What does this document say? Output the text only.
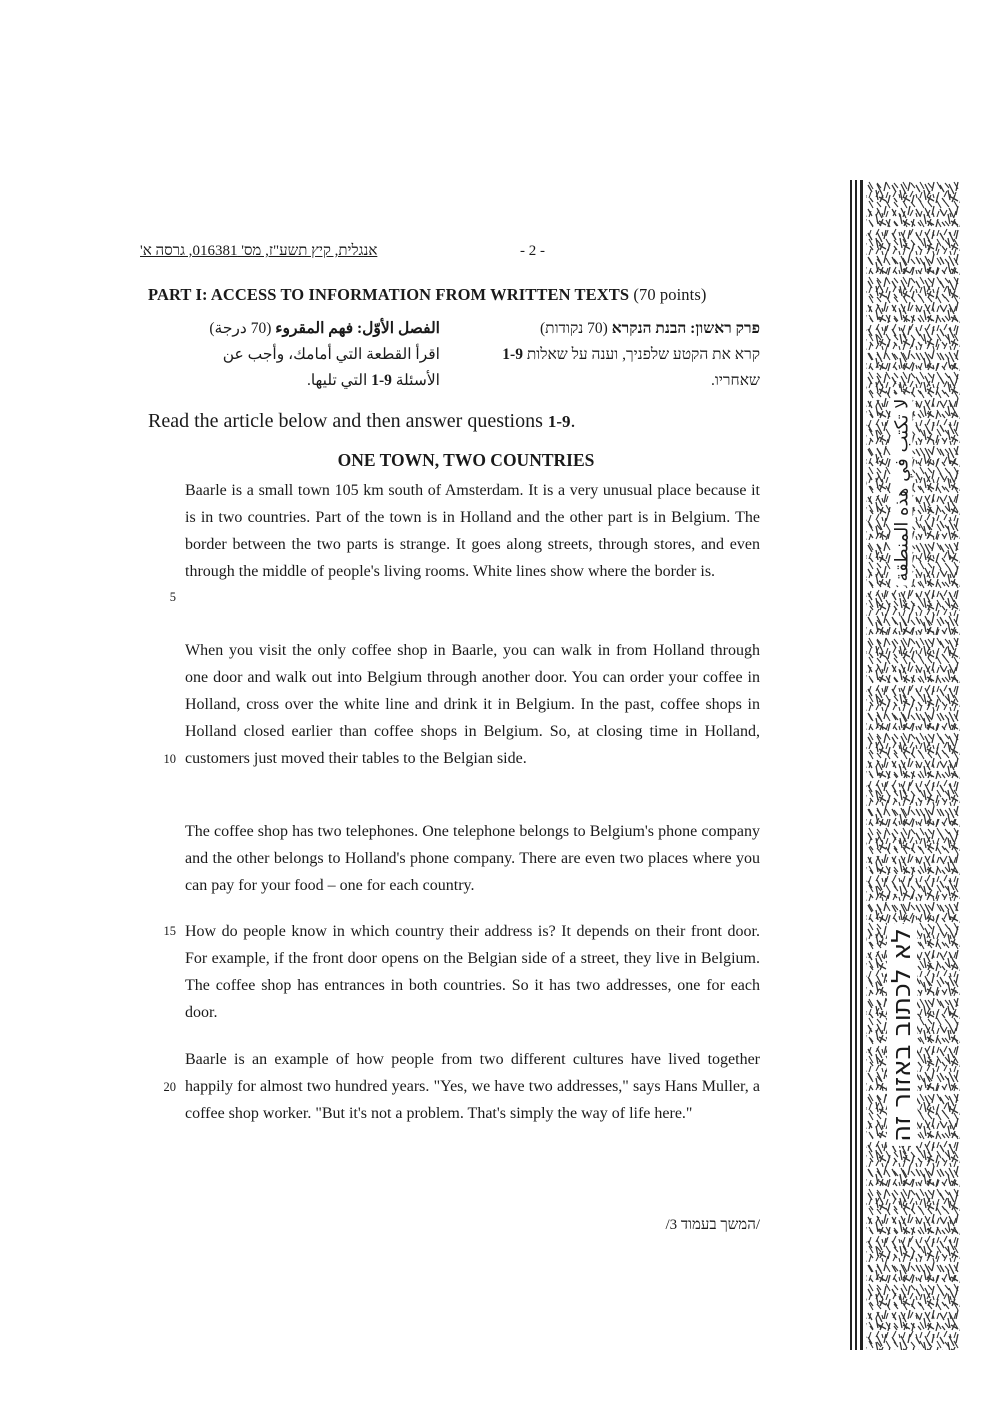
אנגלית, קיץ תשע"ז, מס' 016381, גרסה א'	- 2 -
PART I: ACCESS TO INFORMATION FROM WRITTEN TEXTS (70 points)
פרק ראשון: הבנת הנקרא (70 נקודות)
קרא את הקטע שלפניך, וענה על שאלות 1-9
שאחריו.
الفصل الأوّل: فهم المقروء (70 درجة)
اقرأ القطعة التي أمامك، وأجب عن
الأسئلة 1-9 التي تليها.
Read the article below and then answer questions 1-9.
ONE TOWN, TWO COUNTRIES

Baarle is a small town 105 km south of Amsterdam. It is a very unusual place because it is in two countries. Part of the town is in Holland and the other part is in Belgium. The border between the two parts is strange. It goes along streets, through stores, and even through the middle of people's living rooms. White lines show where the border is.

When you visit the only coffee shop in Baarle, you can walk in from Holland through one door and walk out into Belgium through another door. You can order your coffee in Holland, cross over the white line and drink it in Belgium. In the past, coffee shops in Holland closed earlier than coffee shops in Belgium. So, at closing time in Holland, customers just moved their tables to the Belgian side.

The coffee shop has two telephones. One telephone belongs to Belgium's phone company and the other belongs to Holland's phone company. There are even two places where you can pay for your food – one for each country.

How do people know in which country their address is? It depends on their front door. For example, if the front door opens on the Belgian side of a street, they live in Belgium. The coffee shop has entrances in both countries. So it has two addresses, one for each door.

Baarle is an example of how people from two different cultures have lived together happily for almost two hundred years. "Yes, we have two addresses," says Hans Muller, a coffee shop worker. "But it's not a problem. That's simply the way of life here."

5
10
15
20
/המשך בעמוד 3/
لا تكتب في هذه المنطقة
לא לכתוב באזור זה
